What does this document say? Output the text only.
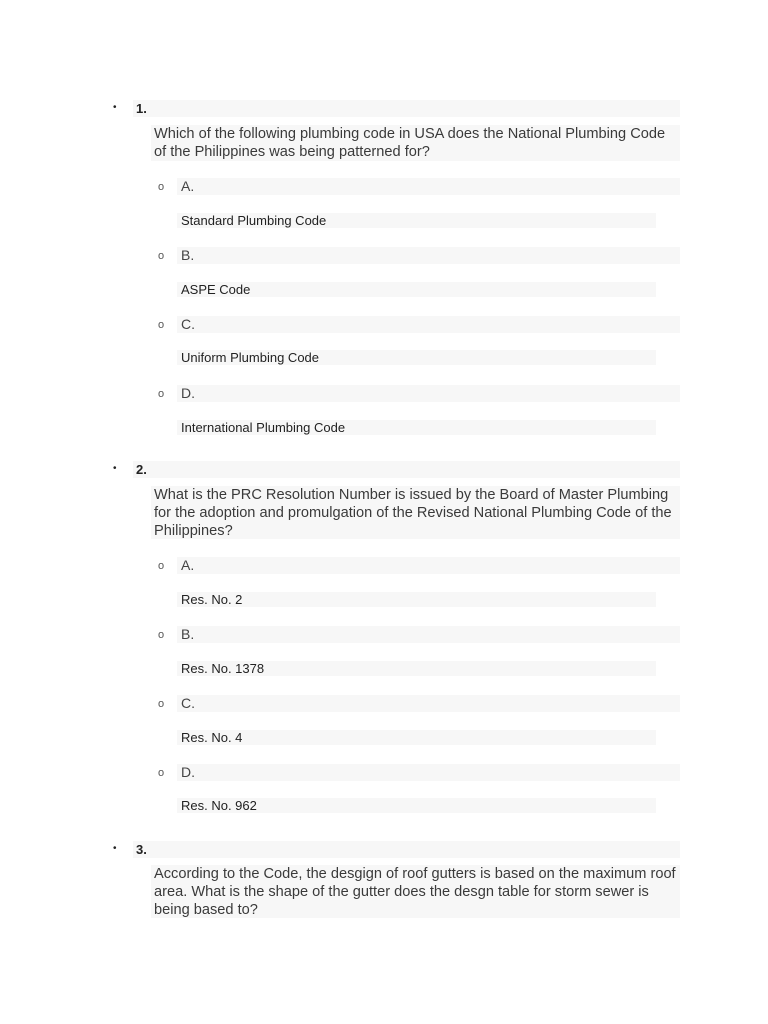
• 1.
Which of the following plumbing code in USA does the National Plumbing Code of the Philippines was being patterned for?
o A.
Standard Plumbing Code
o B.
ASPE Code
o C.
Uniform Plumbing Code
o D.
International Plumbing Code
• 2.
What is the PRC Resolution Number is issued by the Board of Master Plumbing for the adoption and promulgation of the Revised National Plumbing Code of the Philippines?
o A.
Res. No. 2
o B.
Res. No. 1378
o C.
Res. No. 4
o D.
Res. No. 962
• 3.
According to the Code, the desgign of roof gutters is based on the maximum roof area. What is the shape of the gutter does the desgn table for storm sewer is being based to?
